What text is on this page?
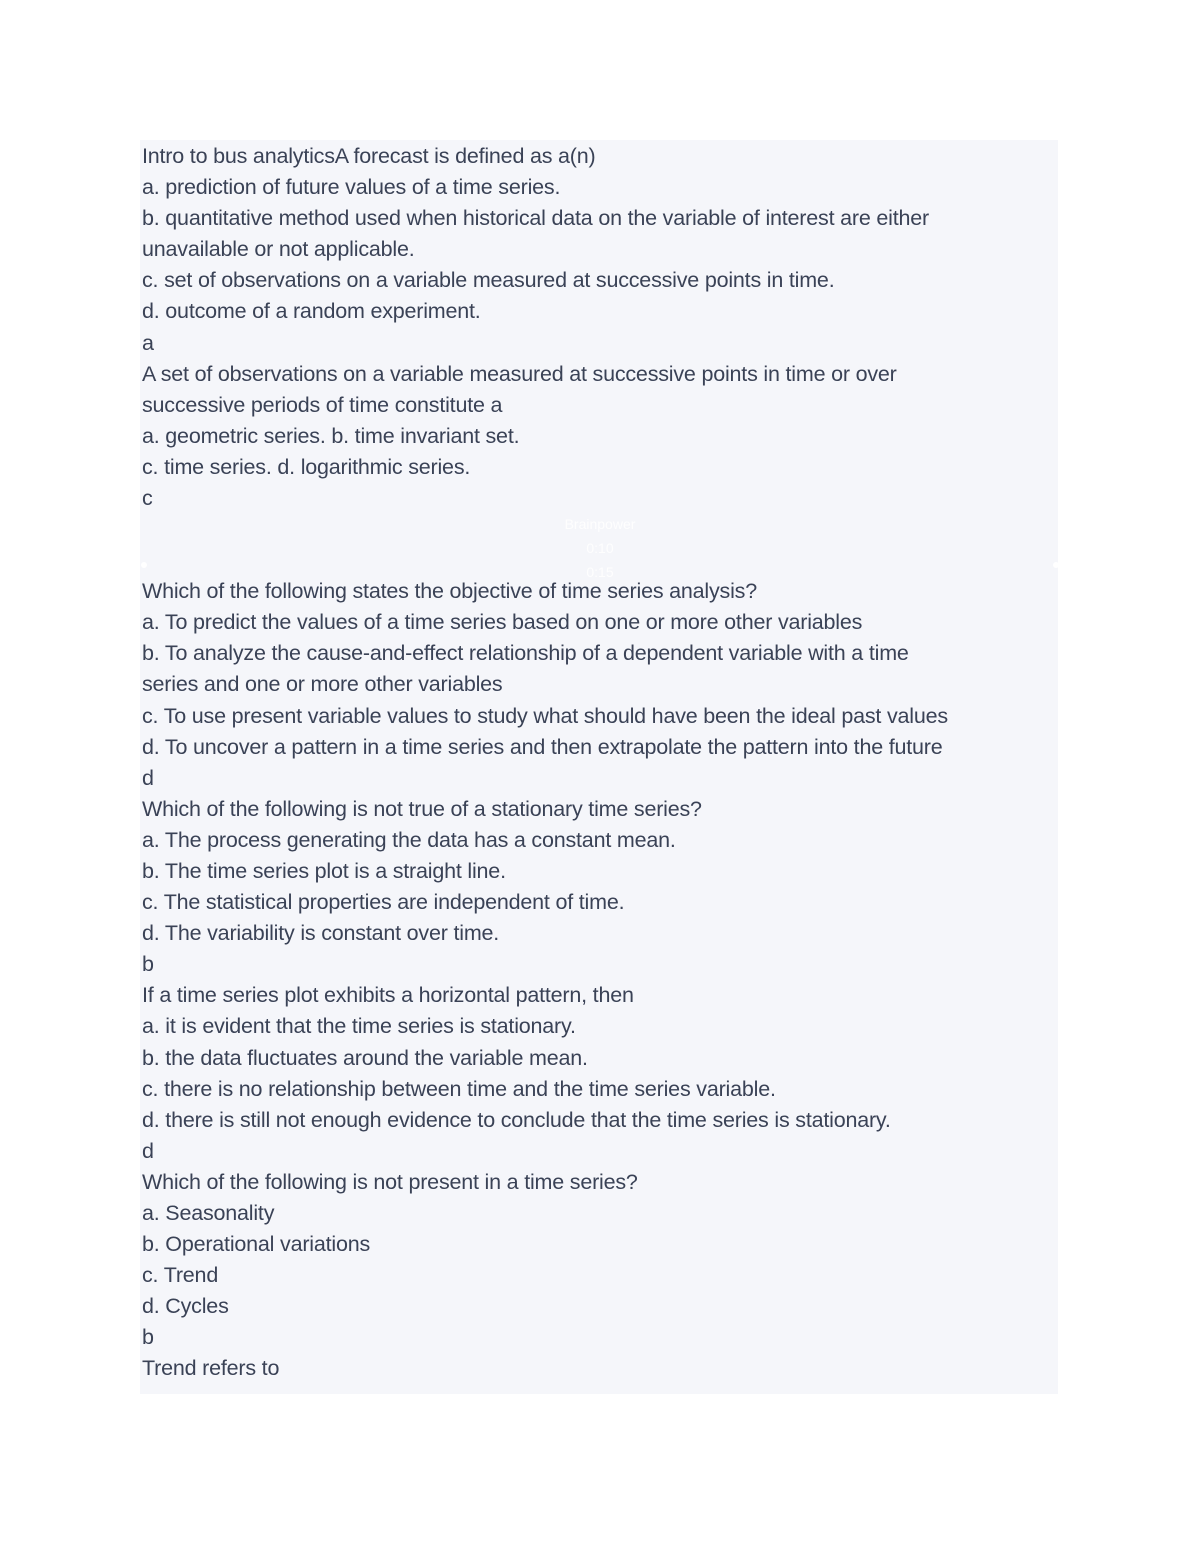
Intro to bus analyticsA forecast is defined as a(n)
a. prediction of future values of a time series.
b. quantitative method used when historical data on the variable of interest are either
unavailable or not applicable.
c. set of observations on a variable measured at successive points in time.
d. outcome of a random experiment.
a
A set of observations on a variable measured at successive points in time or over
successive periods of time constitute a
a. geometric series. b. time invariant set.
c. time series. d. logarithmic series.
c
Which of the following states the objective of time series analysis?
a. To predict the values of a time series based on one or more other variables
b. To analyze the cause-and-effect relationship of a dependent variable with a time
series and one or more other variables
c. To use present variable values to study what should have been the ideal past values
d. To uncover a pattern in a time series and then extrapolate the pattern into the future
d
Which of the following is not true of a stationary time series?
a. The process generating the data has a constant mean.
b. The time series plot is a straight line.
c. The statistical properties are independent of time.
d. The variability is constant over time.
b
If a time series plot exhibits a horizontal pattern, then
a. it is evident that the time series is stationary.
b. the data fluctuates around the variable mean.
c. there is no relationship between time and the time series variable.
d. there is still not enough evidence to conclude that the time series is stationary.
d
Which of the following is not present in a time series?
a. Seasonality
b. Operational variations
c. Trend
d. Cycles
b
Trend refers to
Brainpower
0:10
0:15
